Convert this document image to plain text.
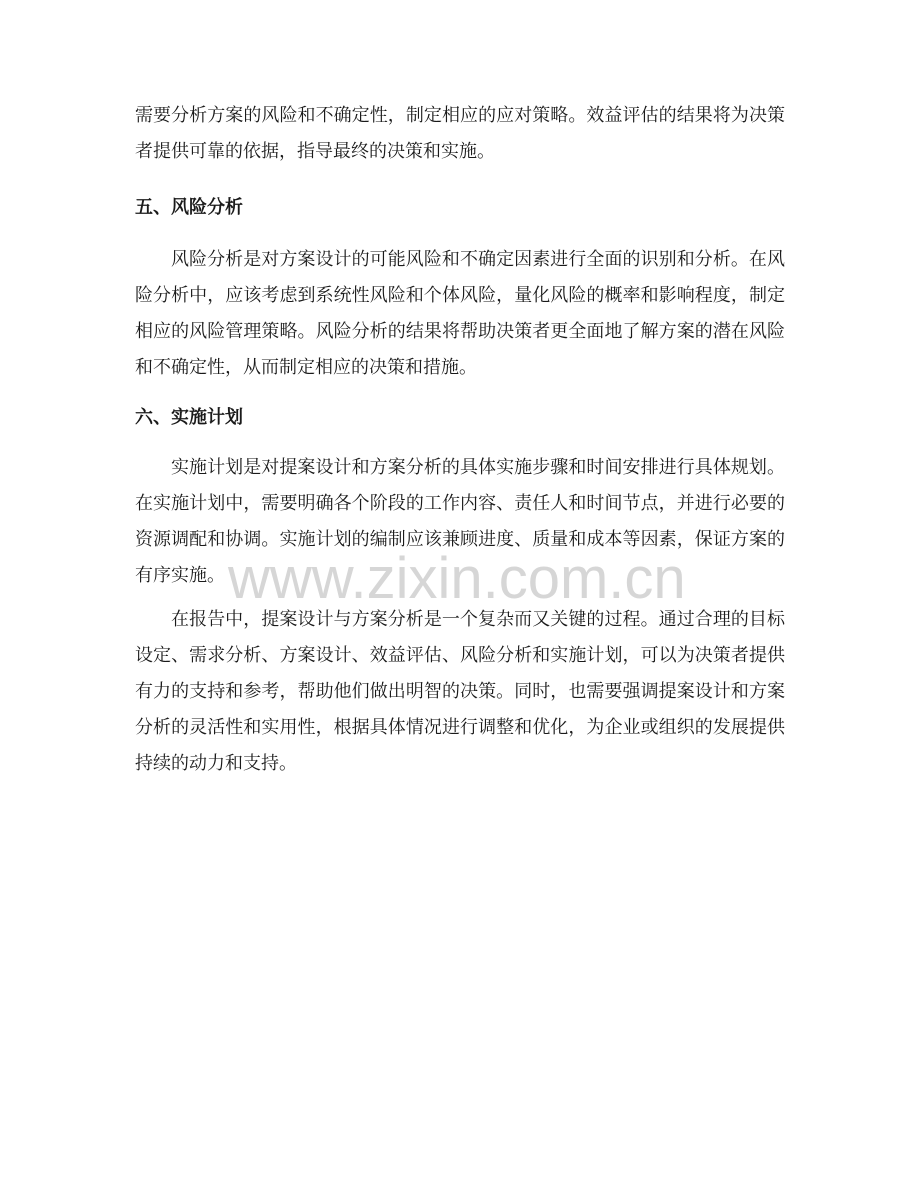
www.zixin.com.cn

需要分析方案的风险和不确定性，制定相应的应对策略。效益评估的结果将为决策者提供可靠的依据，指导最终的决策和实施。

五、风险分析

风险分析是对方案设计的可能风险和不确定因素进行全面的识别和分析。在风险分析中，应该考虑到系统性风险和个体风险，量化风险的概率和影响程度，制定相应的风险管理策略。风险分析的结果将帮助决策者更全面地了解方案的潜在风险和不确定性，从而制定相应的决策和措施。

六、实施计划

实施计划是对提案设计和方案分析的具体实施步骤和时间安排进行具体规划。在实施计划中，需要明确各个阶段的工作内容、责任人和时间节点，并进行必要的资源调配和协调。实施计划的编制应该兼顾进度、质量和成本等因素，保证方案的有序实施。

在报告中，提案设计与方案分析是一个复杂而又关键的过程。通过合理的目标设定、需求分析、方案设计、效益评估、风险分析和实施计划，可以为决策者提供有力的支持和参考，帮助他们做出明智的决策。同时，也需要强调提案设计和方案分析的灵活性和实用性，根据具体情况进行调整和优化，为企业或组织的发展提供持续的动力和支持。
